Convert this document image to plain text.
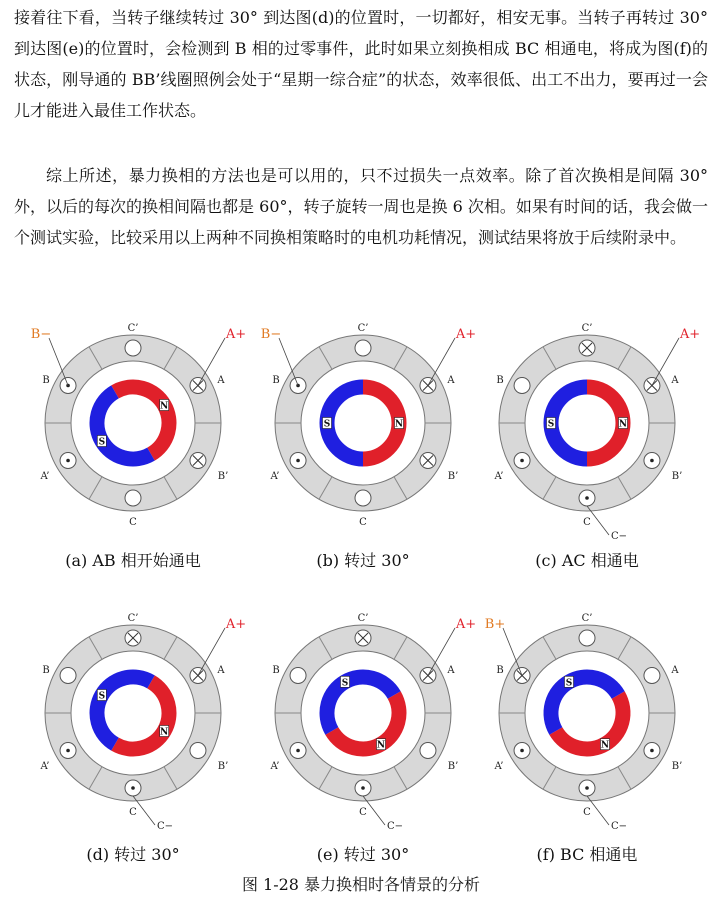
接着往下看，当转子继续转过 30° 到达图(d)的位置时，一切都好，相安无事。当转子再转过 30° 到达图(e)的位置时，会检测到 B 相的过零事件，此时如果立刻换相成 BC 相通电，将成为图(f)的状态，刚导通的 BB’线圈照例会处于“星期一综合症”的状态，效率很低、出工不出力，要再过一会儿才能进入最佳工作状态。

综上所述，暴力换相的方法也是可以用的，只不过损失一点效率。除了首次换相是间隔 30° 外，以后的每次的换相间隔也都是 60°，转子旋转一周也是换 6 次相。如果有时间的话，我会做一个测试实验，比较采用以上两种不同换相策略时的电机功耗情况，测试结果将放于后续附录中。

N
S
B	A
A’	B’
C’
C
B−	A+
(a) AB 相开始通电
N
S
B	A
A’	B’
C’
C
B−	A+
(b) 转过 30°
N
S
B	A
A’	B’
C’
C
A+
C−
(c) AC 相通电
N
S
B	A
A’	B’
C’
C
A+
C−
(d) 转过 30°
N
S
B	A
A’	B’
C’
C
A+
C−
(e) 转过 30°
N
S
B	A
A’	B’
C’
C
B+
C−
(f) BC 相通电
图 1-28 暴力换相时各情景的分析
